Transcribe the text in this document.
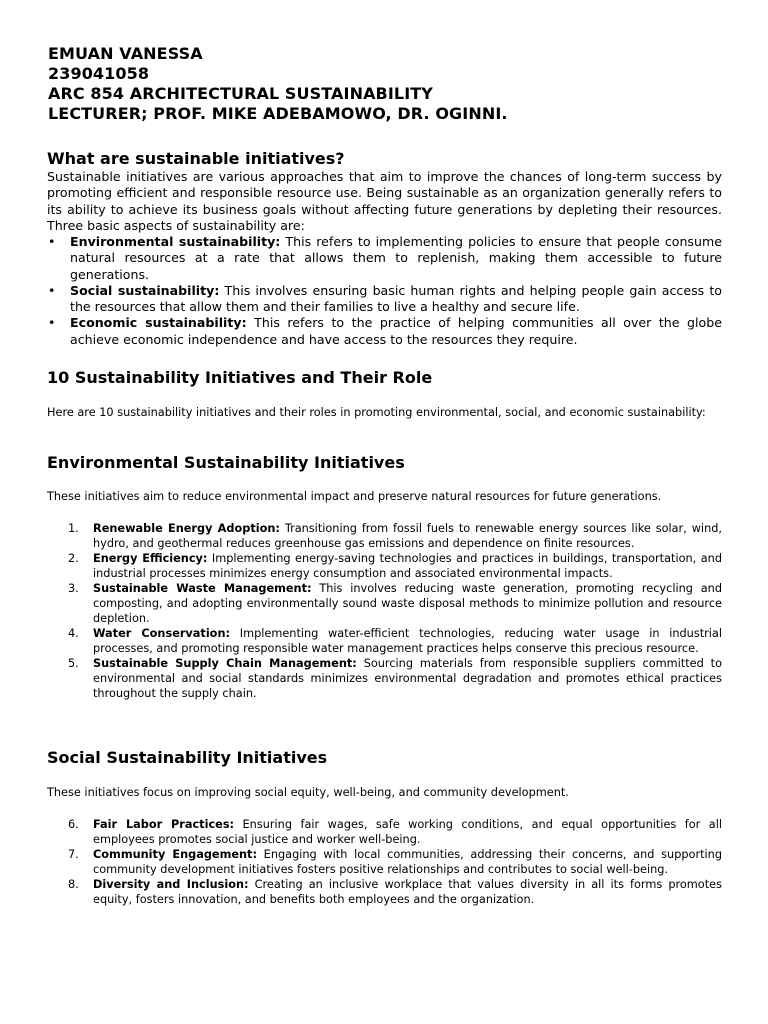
EMUAN VANESSA
239041058
ARC 854 ARCHITECTURAL SUSTAINABILITY
LECTURER; PROF. MIKE ADEBAMOWO, DR. OGINNI.
What are sustainable initiatives?
Sustainable initiatives are various approaches that aim to improve the chances of long-term success by promoting efficient and responsible resource use. Being sustainable as an organization generally refers to its ability to achieve its business goals without affecting future generations by depleting their resources. Three basic aspects of sustainability are:
• Environmental sustainability: This refers to implementing policies to ensure that people consume natural resources at a rate that allows them to replenish, making them accessible to future generations.
• Social sustainability: This involves ensuring basic human rights and helping people gain access to the resources that allow them and their families to live a healthy and secure life.
• Economic sustainability: This refers to the practice of helping communities all over the globe achieve economic independence and have access to the resources they require.
10 Sustainability Initiatives and Their Role
Here are 10 sustainability initiatives and their roles in promoting environmental, social, and economic sustainability:
Environmental Sustainability Initiatives
These initiatives aim to reduce environmental impact and preserve natural resources for future generations.
1. Renewable Energy Adoption: Transitioning from fossil fuels to renewable energy sources like solar, wind, hydro, and geothermal reduces greenhouse gas emissions and dependence on finite resources.
2. Energy Efficiency: Implementing energy-saving technologies and practices in buildings, transportation, and industrial processes minimizes energy consumption and associated environmental impacts.
3. Sustainable Waste Management: This involves reducing waste generation, promoting recycling and composting, and adopting environmentally sound waste disposal methods to minimize pollution and resource depletion.
4. Water Conservation: Implementing water-efficient technologies, reducing water usage in industrial processes, and promoting responsible water management practices helps conserve this precious resource.
5. Sustainable Supply Chain Management: Sourcing materials from responsible suppliers committed to environmental and social standards minimizes environmental degradation and promotes ethical practices throughout the supply chain.
Social Sustainability Initiatives
These initiatives focus on improving social equity, well-being, and community development.
6. Fair Labor Practices: Ensuring fair wages, safe working conditions, and equal opportunities for all employees promotes social justice and worker well-being.
7. Community Engagement: Engaging with local communities, addressing their concerns, and supporting community development initiatives fosters positive relationships and contributes to social well-being.
8. Diversity and Inclusion: Creating an inclusive workplace that values diversity in all its forms promotes equity, fosters innovation, and benefits both employees and the organization.
